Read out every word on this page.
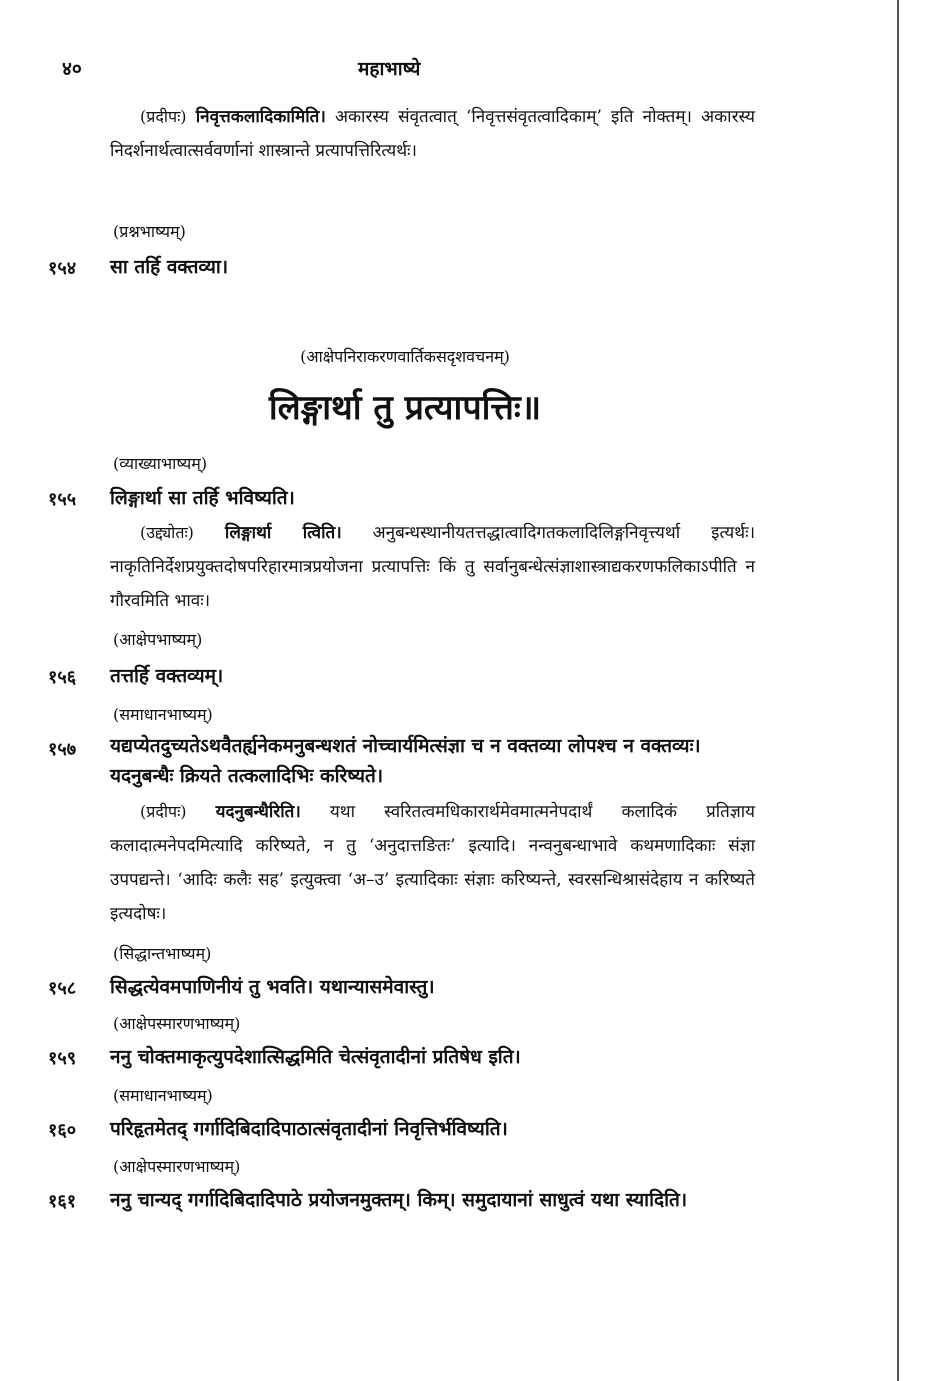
४०	महाभाष्ये
(प्रदीपः) निवृत्तकलादिकामिति। अकारस्य संवृतत्वात् ‘निवृत्तसंवृतत्वादिकाम्’ इति नोक्तम्। अकारस्य निदर्शनार्थत्वात्सर्ववर्णानां शास्त्रान्ते प्रत्यापत्तिरित्यर्थः।
(प्रश्नभाष्यम्)
१५४ सा तर्हि वक्तव्या।
(आक्षेपनिराकरणवार्तिकसदृशवचनम्)
लिङ्गार्था तु प्रत्यापत्तिः॥
(व्याख्याभाष्यम्)
१५५ लिङ्गार्था सा तर्हि भविष्यति।
(उद्द्योतः) लिङ्गार्था त्विति। अनुबन्धस्थानीयतत्तद्धात्वादिगतकलादिलिङ्गनिवृत्त्यर्था इत्यर्थः। नाकृतिनिर्देशप्रयुक्तदोषपरिहारमात्रप्रयोजना प्रत्यापत्तिः किं तु सर्वानुबन्धेत्संज्ञाशास्त्राद्यकरणफलिकाऽपीति न गौरवमिति भावः।
(आक्षेपभाष्यम्)
१५६ तत्तर्हि वक्तव्यम्।
(समाधानभाष्यम्)
१५७ यद्यप्येतदुच्यतेऽथवैतर्ह्यनेकमनुबन्धशतं नोच्चार्यमित्संज्ञा च न वक्तव्या लोपश्च न वक्तव्यः। यदनुबन्धैः क्रियते तत्कलादिभिः करिष्यते।
(प्रदीपः) यदनुबन्धैरिति। यथा स्वरितत्वमधिकारार्थमेवमात्मनेपदार्थं कलादिकं प्रतिज्ञाय कलादात्मनेपदमित्यादि करिष्यते, न तु ‘अनुदात्तङितः’ इत्यादि। नन्वनुबन्धाभावे कथमणादिकाः संज्ञा उपपद्यन्ते। ‘आदिः कलैः सह’ इत्युक्त्वा ‘अ–उ’ इत्यादिकाः संज्ञाः करिष्यन्ते, स्वरसन्धिश्रासंदेहाय न करिष्यते इत्यदोषः।
(सिद्धान्तभाष्यम्)
१५८ सिद्धत्येवमपाणिनीयं तु भवति। यथान्यासमेवास्तु।
(आक्षेपस्मारणभाष्यम्)
१५९ ननु चोक्तमाकृत्युपदेशात्सिद्धमिति चेत्संवृतादीनां प्रतिषेध इति।
(समाधानभाष्यम्)
१६० परिहृतमेतद् गर्गादिबिदादिपाठात्संवृतादीनां निवृत्तिर्भविष्यति।
(आक्षेपस्मारणभाष्यम्)
१६१ ननु चान्यद् गर्गादिबिदादिपाठे प्रयोजनमुक्तम्। किम्। समुदायानां साधुत्वं यथा स्यादिति।
